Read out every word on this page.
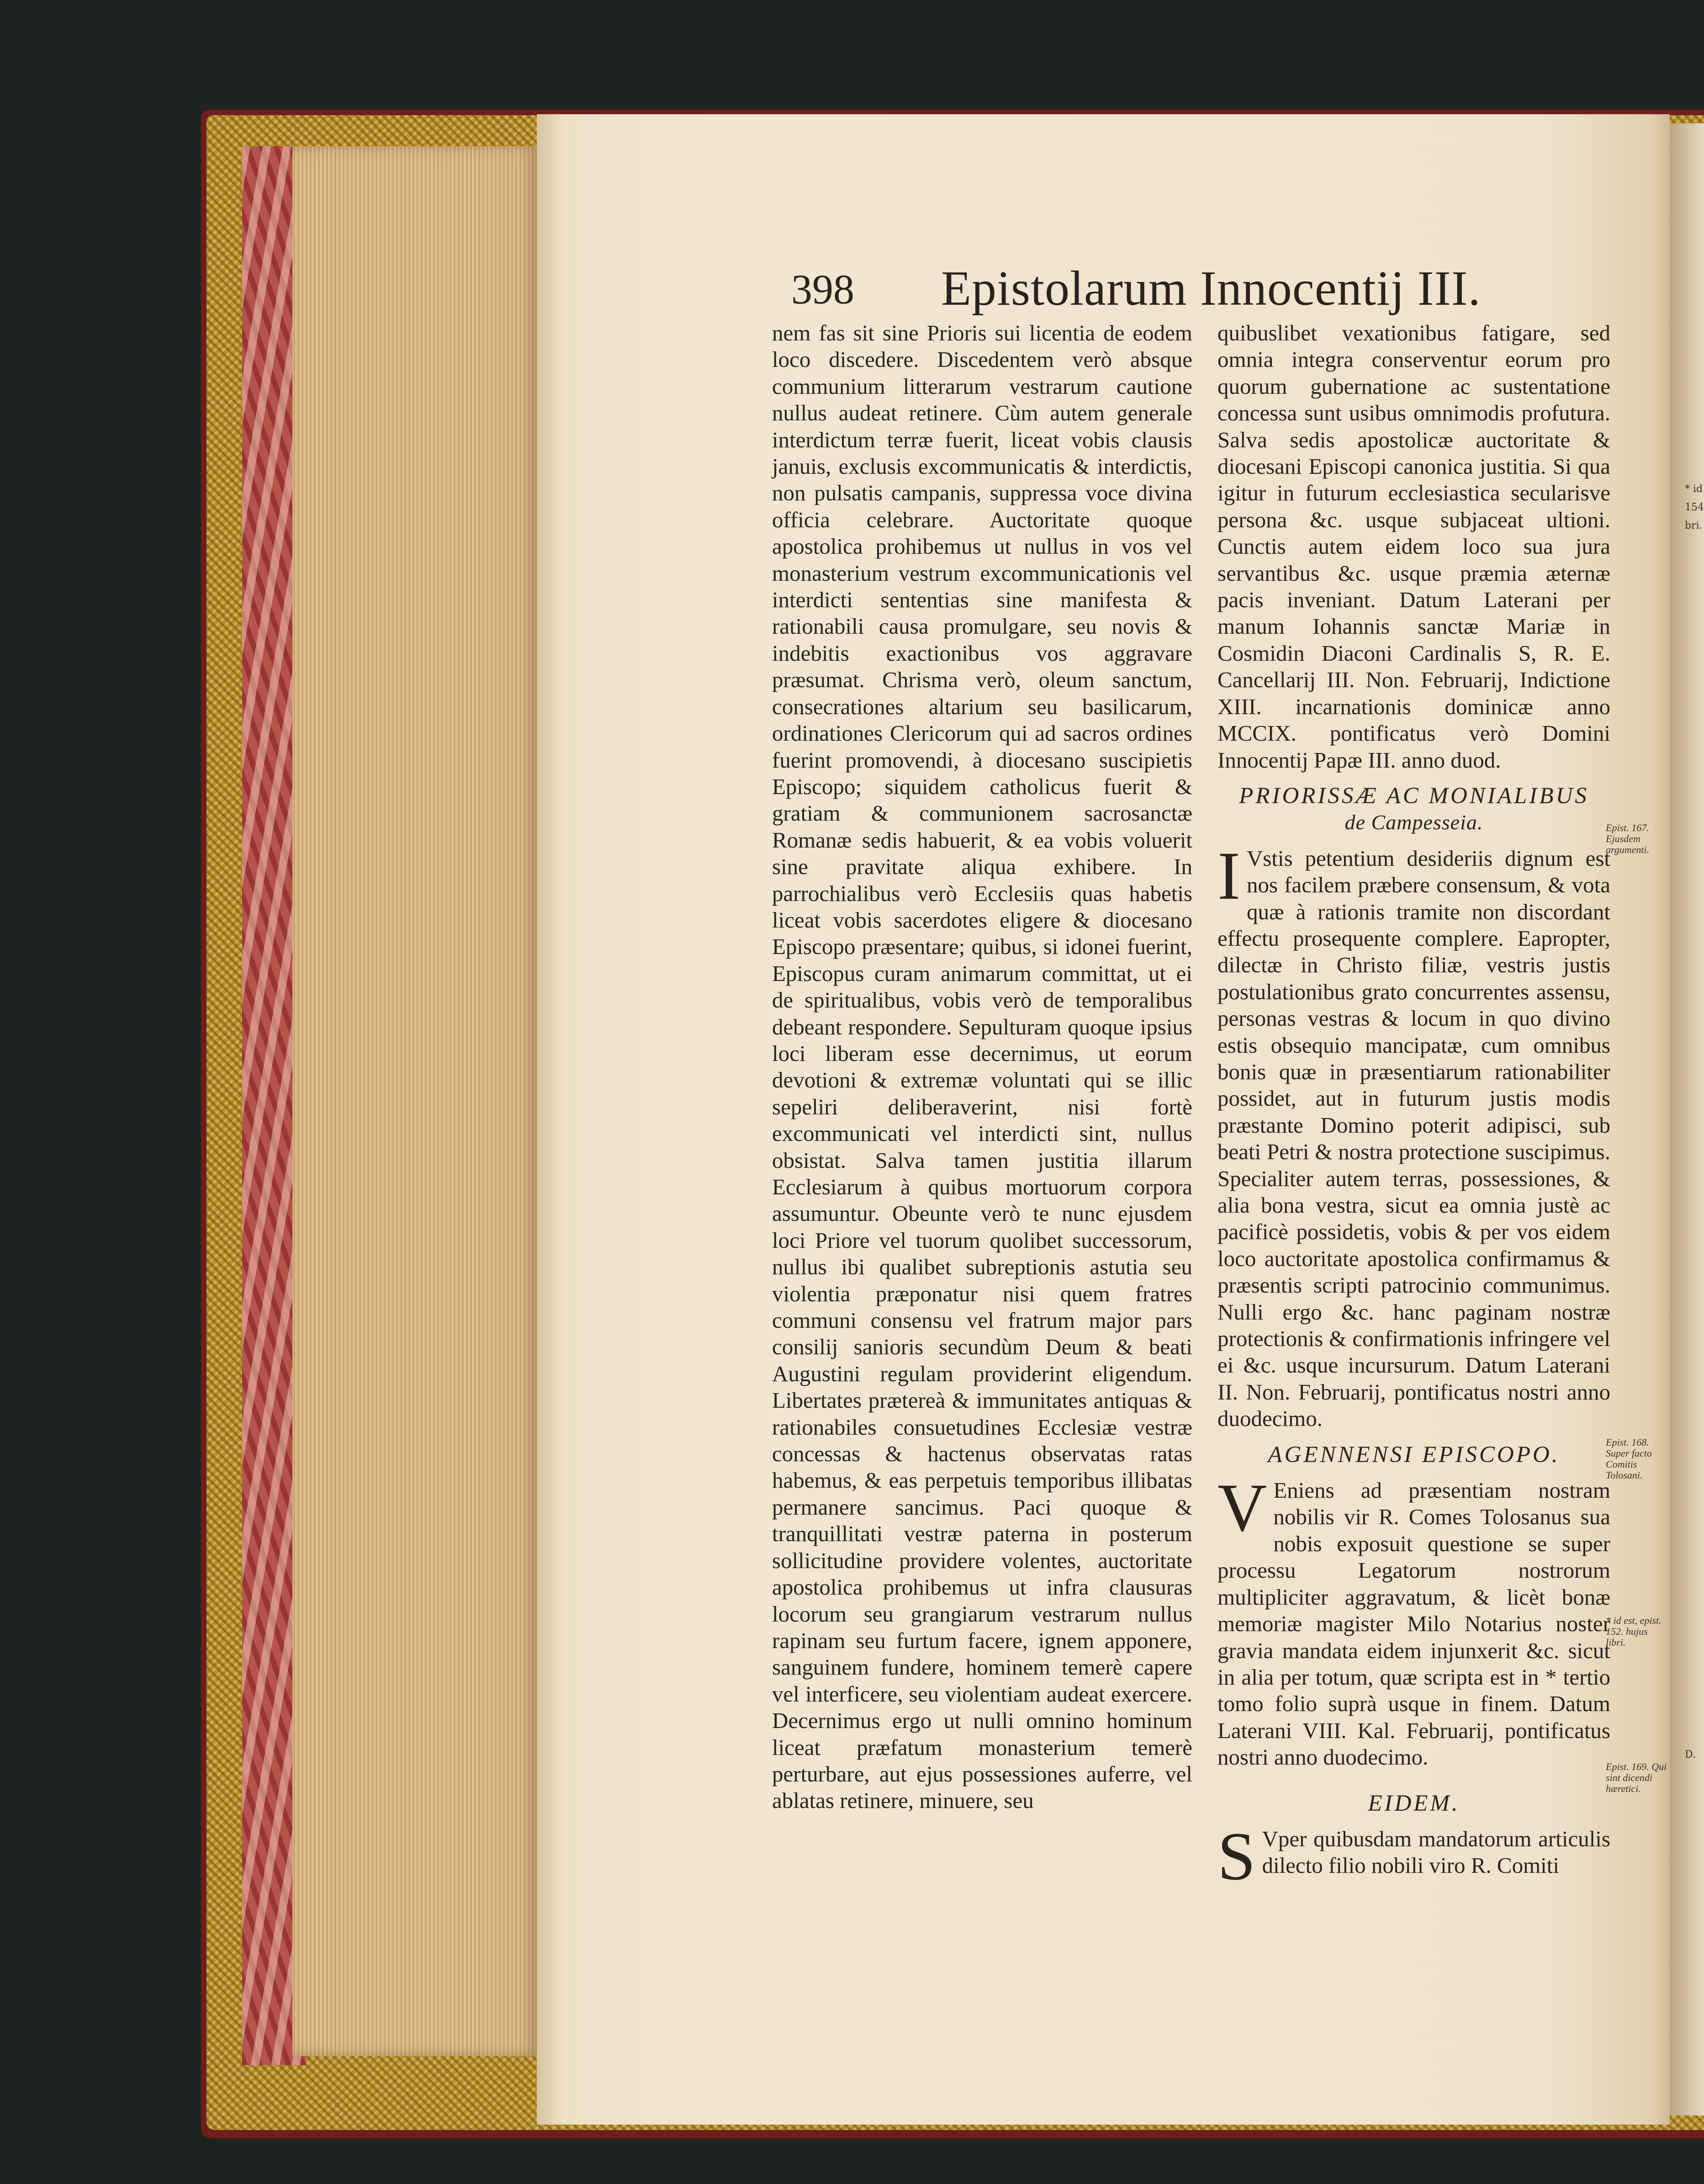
* id
154
bri.
D.
398 Epistolarum Innocentij III.

nem fas sit sine Prioris sui licentia de eodem loco discedere. Discedentem verò absque communium litterarum vestrarum cautione nullus audeat retinere. Cùm autem generale interdictum terræ fuerit, liceat vobis clausis januis, exclusis excommunicatis & interdictis, non pulsatis campanis, suppressa voce divina officia celebrare. Auctoritate quoque apostolica prohibemus ut nullus in vos vel monasterium vestrum excommunicationis vel interdicti sententias sine manifesta & rationabili causa promulgare, seu novis & indebitis exactionibus vos aggravare præsumat. Chrisma verò, oleum sanctum, consecrationes altarium seu basilicarum, ordinationes Clericorum qui ad sacros ordines fuerint promovendi, à diocesano suscipietis Episcopo; siquidem catholicus fuerit & gratiam & communionem sacrosanctæ Romanæ sedis habuerit, & ea vobis voluerit sine pravitate aliqua exhibere. In parrochialibus verò Ecclesiis quas habetis liceat vobis sacerdotes eligere & diocesano Episcopo præsentare; quibus, si idonei fuerint, Episcopus curam animarum committat, ut ei de spiritualibus, vobis verò de temporalibus debeant respondere. Sepulturam quoque ipsius loci liberam esse decernimus, ut eorum devotioni & extremæ voluntati qui se illic sepeliri deliberaverint, nisi fortè excommunicati vel interdicti sint, nullus obsistat. Salva tamen justitia illarum Ecclesiarum à quibus mortuorum corpora assumuntur. Obeunte verò te nunc ejusdem loci Priore vel tuorum quolibet successorum, nullus ibi qualibet subreptionis astutia seu violentia præponatur nisi quem fratres communi consensu vel fratrum major pars consilij sanioris secundùm Deum & beati Augustini regulam providerint eligendum. Libertates prætereà & immunitates antiquas & rationabiles consuetudines Ecclesiæ vestræ concessas & hactenus observatas ratas habemus, & eas perpetuis temporibus illibatas permanere sancimus. Paci quoque & tranquillitati vestræ paterna in posterum sollicitudine providere volentes, auctoritate apostolica prohibemus ut infra clausuras locorum seu grangiarum vestrarum nullus rapinam seu furtum facere, ignem apponere, sanguinem fundere, hominem temerè capere vel interficere, seu violentiam audeat exercere. Decernimus ergo ut nulli omnino hominum liceat præfatum monasterium temerè perturbare, aut ejus possessiones auferre, vel ablatas retinere, minuere, seu

quibuslibet vexationibus fatigare, sed omnia integra conserventur eorum pro quorum gubernatione ac sustentatione concessa sunt usibus omnimodis profutura. Salva sedis apostolicæ auctoritate & diocesani Episcopi canonica justitia. Si qua igitur in futurum ecclesiastica secularisve persona &c. usque subjaceat ultioni. Cunctis autem eidem loco sua jura servantibus &c. usque præmia æternæ pacis inveniant. Datum Laterani per manum Iohannis sanctæ Mariæ in Cosmidin Diaconi Cardinalis S, R. E. Cancellarij III. Non. Februarij, Indictione XIII. incarnationis dominicæ anno MCCIX. pontificatus verò Domini Innocentij Papæ III. anno duod.

PRIORISSÆ AC MONIALIBUS

de Campesseia.

I Vstis petentium desideriis dignum est nos facilem præbere consensum, & vota quæ à rationis tramite non discordant effectu prosequente complere. Eapropter, dilectæ in Christo filiæ, vestris justis postulationibus grato concurrentes assensu, personas vestras & locum in quo divino estis obsequio mancipatæ, cum omnibus bonis quæ in præsentiarum rationabiliter possidet, aut in futurum justis modis præstante Domino poterit adipisci, sub beati Petri & nostra protectione suscipimus. Specialiter autem terras, possessiones, & alia bona vestra, sicut ea omnia justè ac pacificè possidetis, vobis & per vos eidem loco auctoritate apostolica confirmamus & præsentis scripti patrocinio communimus. Nulli ergo &c. hanc paginam nostræ protectionis & confirmationis infringere vel ei &c. usque incursurum. Datum Laterani II. Non. Februarij, pontificatus nostri anno duodecimo.

AGENNENSI EPISCOPO.

V Eniens ad præsentiam nostram nobilis vir R. Comes Tolosanus sua nobis exposuit questione se super processu Legatorum nostrorum multipliciter aggravatum, & licèt bonæ memoriæ magister Milo Notarius noster gravia mandata eidem injunxerit &c. sicut in alia per totum, quæ scripta est in * tertio tomo folio suprà usque in finem. Datum Laterani VIII. Kal. Februarij, pontificatus nostri anno duodecimo.

EIDEM.

S Vper quibusdam mandatorum articulis dilecto filio nobili viro R. Comiti

Epist. 167. Ejusdem argumenti.
Epist. 168. Super facto Comitis Tolosani.
* id est, epist. 152. hujus libri.
Epist. 169. Qui sint dicendi hæretici.
